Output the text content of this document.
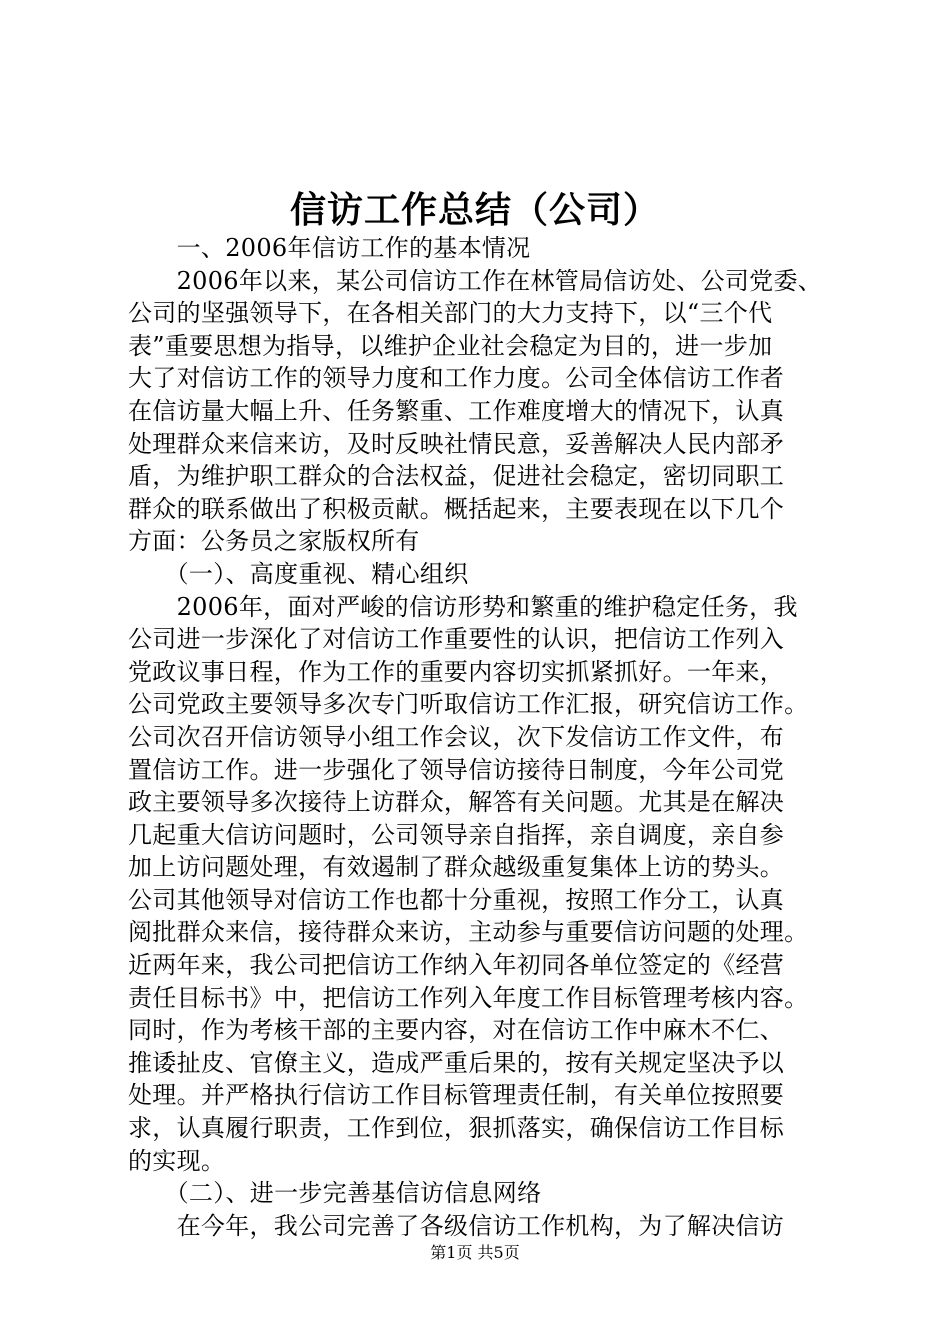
信访工作总结（公司）
　　一、2006年信访工作的基本情况
　　2006年以来，某公司信访工作在林管局信访处、公司党委、
公司的坚强领导下，在各相关部门的大力支持下，以“三个代
表”重要思想为指导，以维护企业社会稳定为目的，进一步加
大了对信访工作的领导力度和工作力度。公司全体信访工作者
在信访量大幅上升、任务繁重、工作难度增大的情况下，认真
处理群众来信来访，及时反映社情民意，妥善解决人民内部矛
盾，为维护职工群众的合法权益，促进社会稳定，密切同职工
群众的联系做出了积极贡献。概括起来，主要表现在以下几个
方面：公务员之家版权所有
　　（一）、高度重视、精心组织
　　2006年，面对严峻的信访形势和繁重的维护稳定任务，我
公司进一步深化了对信访工作重要性的认识，把信访工作列入
党政议事日程，作为工作的重要内容切实抓紧抓好。一年来，
公司党政主要领导多次专门听取信访工作汇报，研究信访工作。
公司次召开信访领导小组工作会议，次下发信访工作文件，布
置信访工作。进一步强化了领导信访接待日制度，今年公司党
政主要领导多次接待上访群众，解答有关问题。尤其是在解决
几起重大信访问题时，公司领导亲自指挥，亲自调度，亲自参
加上访问题处理，有效遏制了群众越级重复集体上访的势头。
公司其他领导对信访工作也都十分重视，按照工作分工，认真
阅批群众来信，接待群众来访，主动参与重要信访问题的处理。
近两年来，我公司把信访工作纳入年初同各单位签定的《经营
责任目标书》中，把信访工作列入年度工作目标管理考核内容。
同时，作为考核干部的主要内容，对在信访工作中麻木不仁、
推诿扯皮、官僚主义，造成严重后果的，按有关规定坚决予以
处理。并严格执行信访工作目标管理责任制，有关单位按照要
求，认真履行职责，工作到位，狠抓落实，确保信访工作目标
的实现。
　　（二）、进一步完善基信访信息网络
　　在今年，我公司完善了各级信访工作机构，为了解决信访
第1页 共5页
